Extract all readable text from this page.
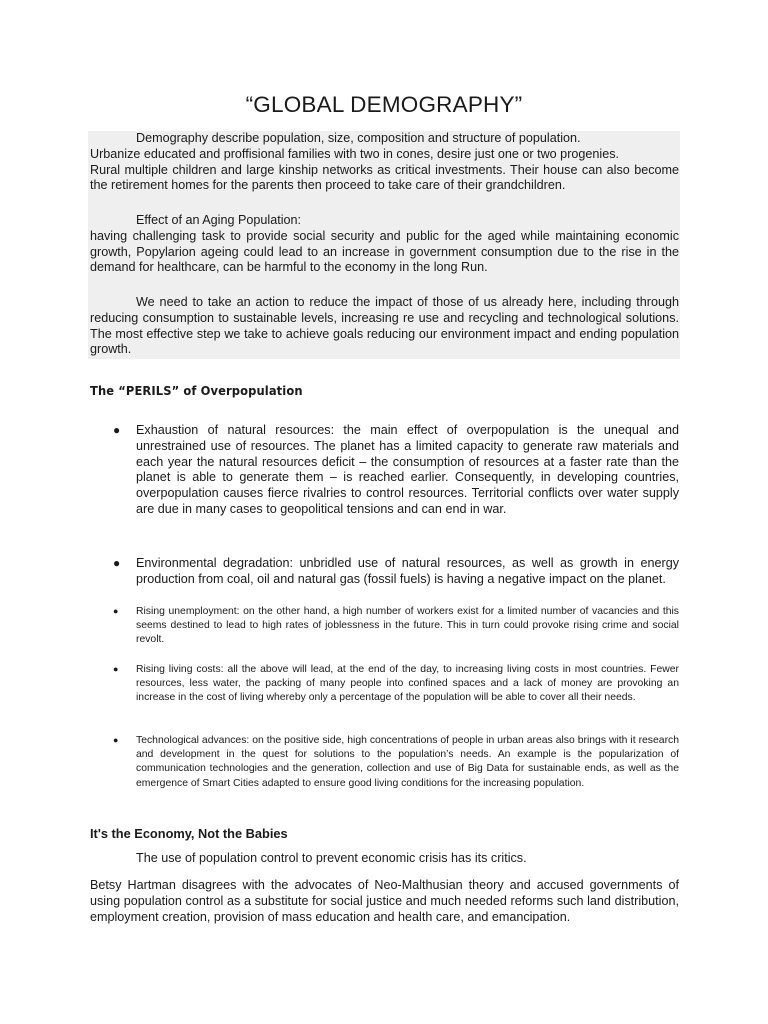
“GLOBAL DEMOGRAPHY”
Demography describe population, size, composition and structure of population.
Urbanize educated and proffisional families with two in cones, desire just one or two progenies.
Rural multiple children and large kinship networks as critical investments. Their house can also become the retirement homes for the parents then proceed to take care of their grandchildren.
Effect of an Aging Population:
having challenging task to provide social security and public for the aged while maintaining economic growth, Popylarion ageing could lead to an increase in government consumption due to the rise in the demand for healthcare, can be harmful to the economy in the long Run.
We need to take an action to reduce the impact of those of us already here, including through reducing consumption to sustainable levels, increasing re use and recycling and technological solutions. The most effective step we take to achieve goals reducing our environment impact and ending population growth.
The “PERILS” of Overpopulation
● Exhaustion of natural resources: the main effect of overpopulation is the unequal and unrestrained use of resources. The planet has a limited capacity to generate raw materials and each year the natural resources deficit – the consumption of resources at a faster rate than the planet is able to generate them – is reached earlier. Consequently, in developing countries, overpopulation causes fierce rivalries to control resources. Territorial conflicts over water supply are due in many cases to geopolitical tensions and can end in war.
● Environmental degradation: unbridled use of natural resources, as well as growth in energy production from coal, oil and natural gas (fossil fuels) is having a negative impact on the planet.
● Rising unemployment: on the other hand, a high number of workers exist for a limited number of vacancies and this seems destined to lead to high rates of joblessness in the future. This in turn could provoke rising crime and social revolt.
● Rising living costs: all the above will lead, at the end of the day, to increasing living costs in most countries. Fewer resources, less water, the packing of many people into confined spaces and a lack of money are provoking an increase in the cost of living whereby only a percentage of the population will be able to cover all their needs.
● Technological advances: on the positive side, high concentrations of people in urban areas also brings with it research and development in the quest for solutions to the population’s needs. An example is the popularization of communication technologies and the generation, collection and use of Big Data for sustainable ends, as well as the emergence of Smart Cities adapted to ensure good living conditions for the increasing population.
It's the Economy, Not the Babies
The use of population control to prevent economic crisis has its critics.
Betsy Hartman disagrees with the advocates of Neo-Malthusian theory and accused governments of using population control as a substitute for social justice and much needed reforms such land distribution, employment creation, provision of mass education and health care, and emancipation.
